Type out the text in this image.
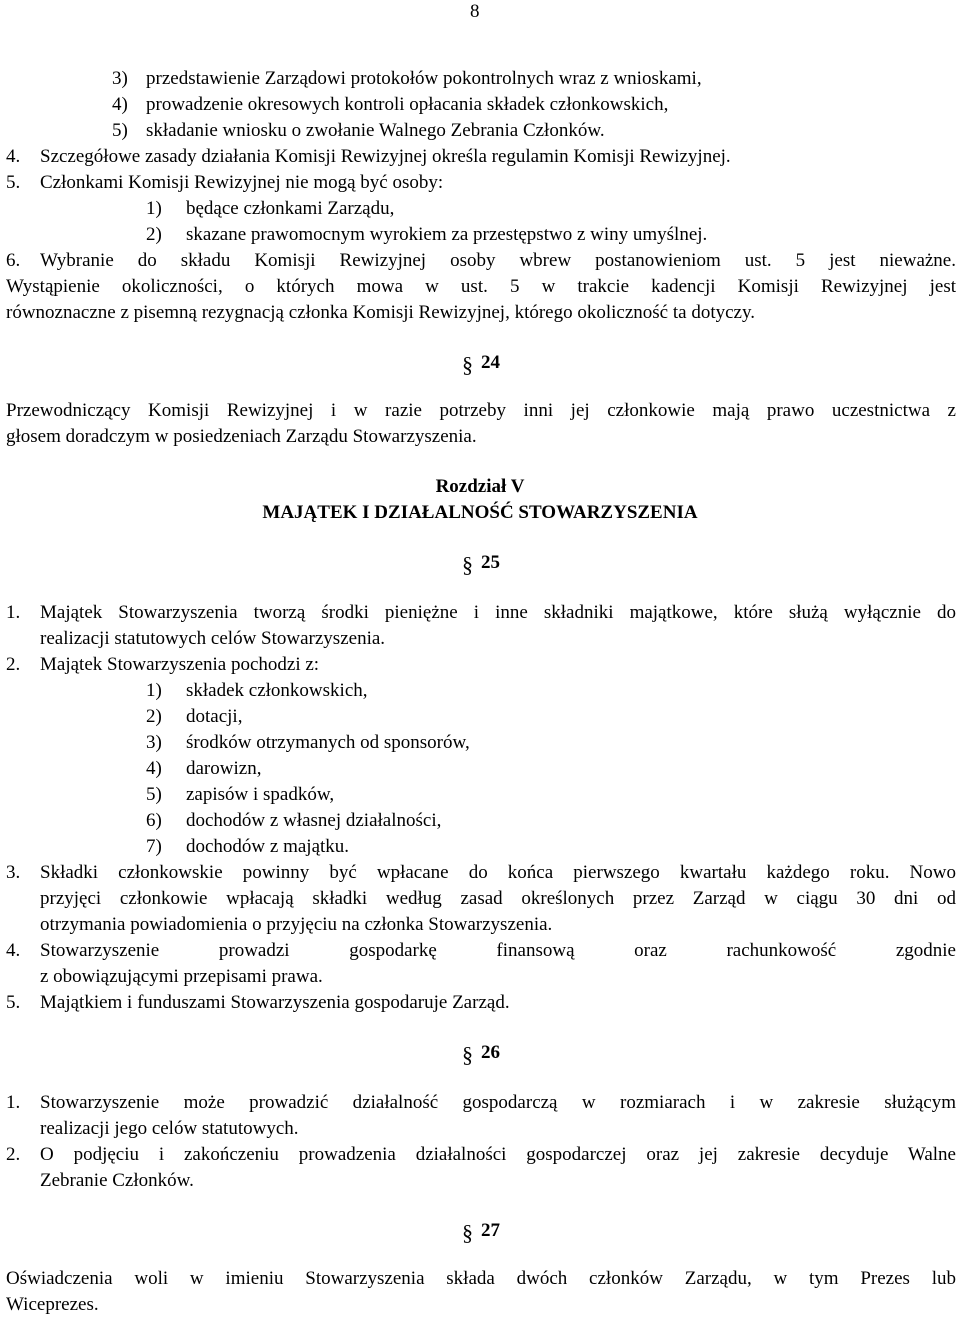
8
3) przedstawienie Zarządowi protokołów pokontrolnych wraz z wnioskami,
4) prowadzenie okresowych kontroli opłacania składek członkowskich,
5) składanie wniosku o zwołanie Walnego Zebrania Członków.
4. Szczegółowe zasady działania Komisji Rewizyjnej określa regulamin Komisji Rewizyjnej.
5. Członkami Komisji Rewizyjnej nie mogą być osoby:
1) będące członkami Zarządu,
2) skazane prawomocnym wyrokiem za przestępstwo z winy umyślnej.
6. Wybranie do składu Komisji Rewizyjnej osoby wbrew postanowieniom ust. 5 jest nieważne.
Wystąpienie okoliczności, o których mowa w ust. 5 w trakcie kadencji Komisji Rewizyjnej jest
równoznaczne z pisemną rezygnacją członka Komisji Rewizyjnej, którego okoliczność ta dotyczy.
§ 24
Przewodniczący Komisji Rewizyjnej i w razie potrzeby inni jej członkowie mają prawo uczestnictwa z
głosem doradczym w posiedzeniach Zarządu Stowarzyszenia.
Rozdział V
MAJĄTEK I DZIAŁALNOŚĆ STOWARZYSZENIA
§ 25
1. Majątek Stowarzyszenia tworzą środki pieniężne i inne składniki majątkowe, które służą wyłącznie do
realizacji statutowych celów Stowarzyszenia.
2. Majątek Stowarzyszenia pochodzi z:
1) składek członkowskich,
2) dotacji,
3) środków otrzymanych od sponsorów,
4) darowizn,
5) zapisów i spadków,
6) dochodów z własnej działalności,
7) dochodów z majątku.
3. Składki członkowskie powinny być wpłacane do końca pierwszego kwartału każdego roku. Nowo
przyjęci członkowie wpłacają składki według zasad określonych przez Zarząd w ciągu 30 dni od
otrzymania powiadomienia o przyjęciu na członka Stowarzyszenia.
4. Stowarzyszenie prowadzi gospodarkę finansową oraz rachunkowość zgodnie
z obowiązującymi przepisami prawa.
5. Majątkiem i funduszami Stowarzyszenia gospodaruje Zarząd.
§ 26
1. Stowarzyszenie może prowadzić działalność gospodarczą w rozmiarach i w zakresie służącym
realizacji jego celów statutowych.
2. O podjęciu i zakończeniu prowadzenia działalności gospodarczej oraz jej zakresie decyduje Walne
Zebranie Członków.
§ 27
Oświadczenia woli w imieniu Stowarzyszenia składa dwóch członków Zarządu, w tym Prezes lub
Wiceprezes.
